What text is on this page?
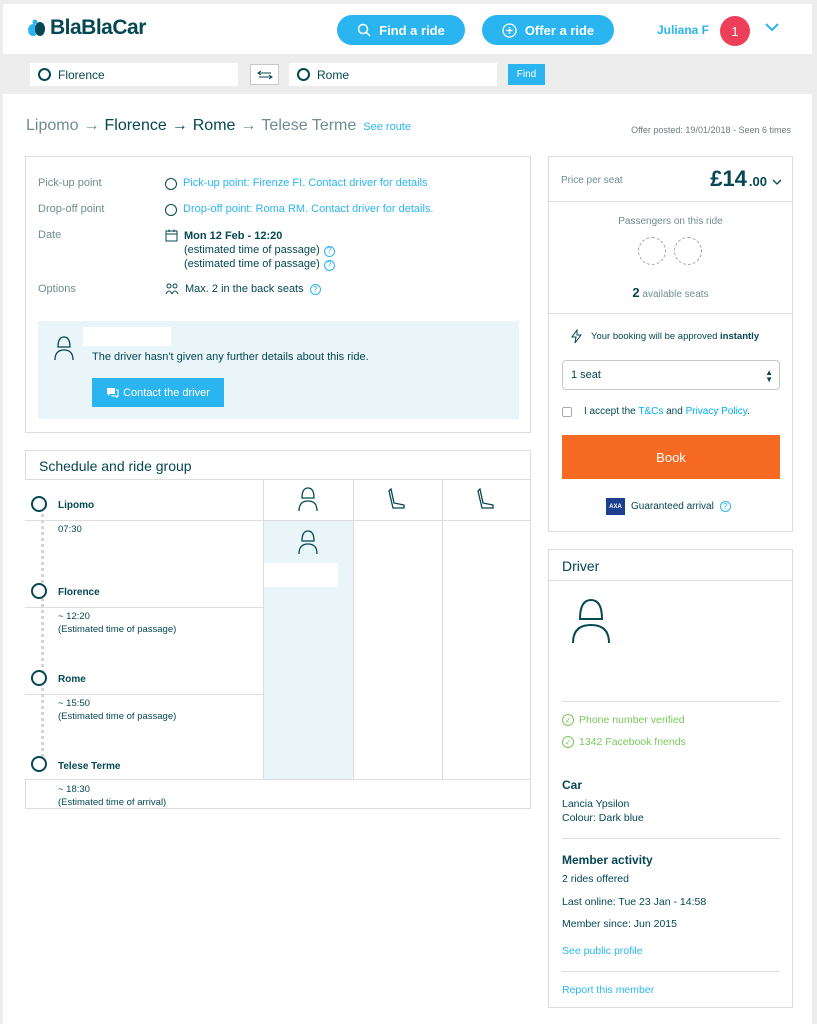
BlaBlaCar	Find a ride	Offer a ride	Juliana F	1
Florence	Rome	Find
Lipomo → Florence → Rome → Telese Terme See route	Offer posted: 19/01/2018 - Seen 6 times
Pick-up point	Pick-up point: Firenze FI. Contact driver for details
Drop-off point	Drop-off point: Roma RM. Contact driver for details.
Date	Mon 12 Feb - 12:20
(estimated time of passage) ?
(estimated time of passage) ?
Options	Max. 2 in the back seats	?
The driver hasn't given any further details about this ride.
Contact the driver
Schedule and ride group
Lipomo
07:30
Florence
~ 12:20
(Estimated time of passage)
Rome
~ 15:50
(Estimated time of passage)
Telese Terme
~ 18:30
(Estimated time of arrival)
Price per seat	£14 .00
Passengers on this ride
2 available seats
Your booking will be approved instantly
1 seat	▲
▼
I accept the T&Cs and Privacy Policy.
Book
AXA Guaranteed arrival	?
Driver
✓ Phone number verified
✓ 1342 Facebook friends
Car
Lancia Ypsilon
Colour: Dark blue
Member activity
2 rides offered
Last online: Tue 23 Jan - 14:58
Member since: Jun 2015
See public profile
Report this member
